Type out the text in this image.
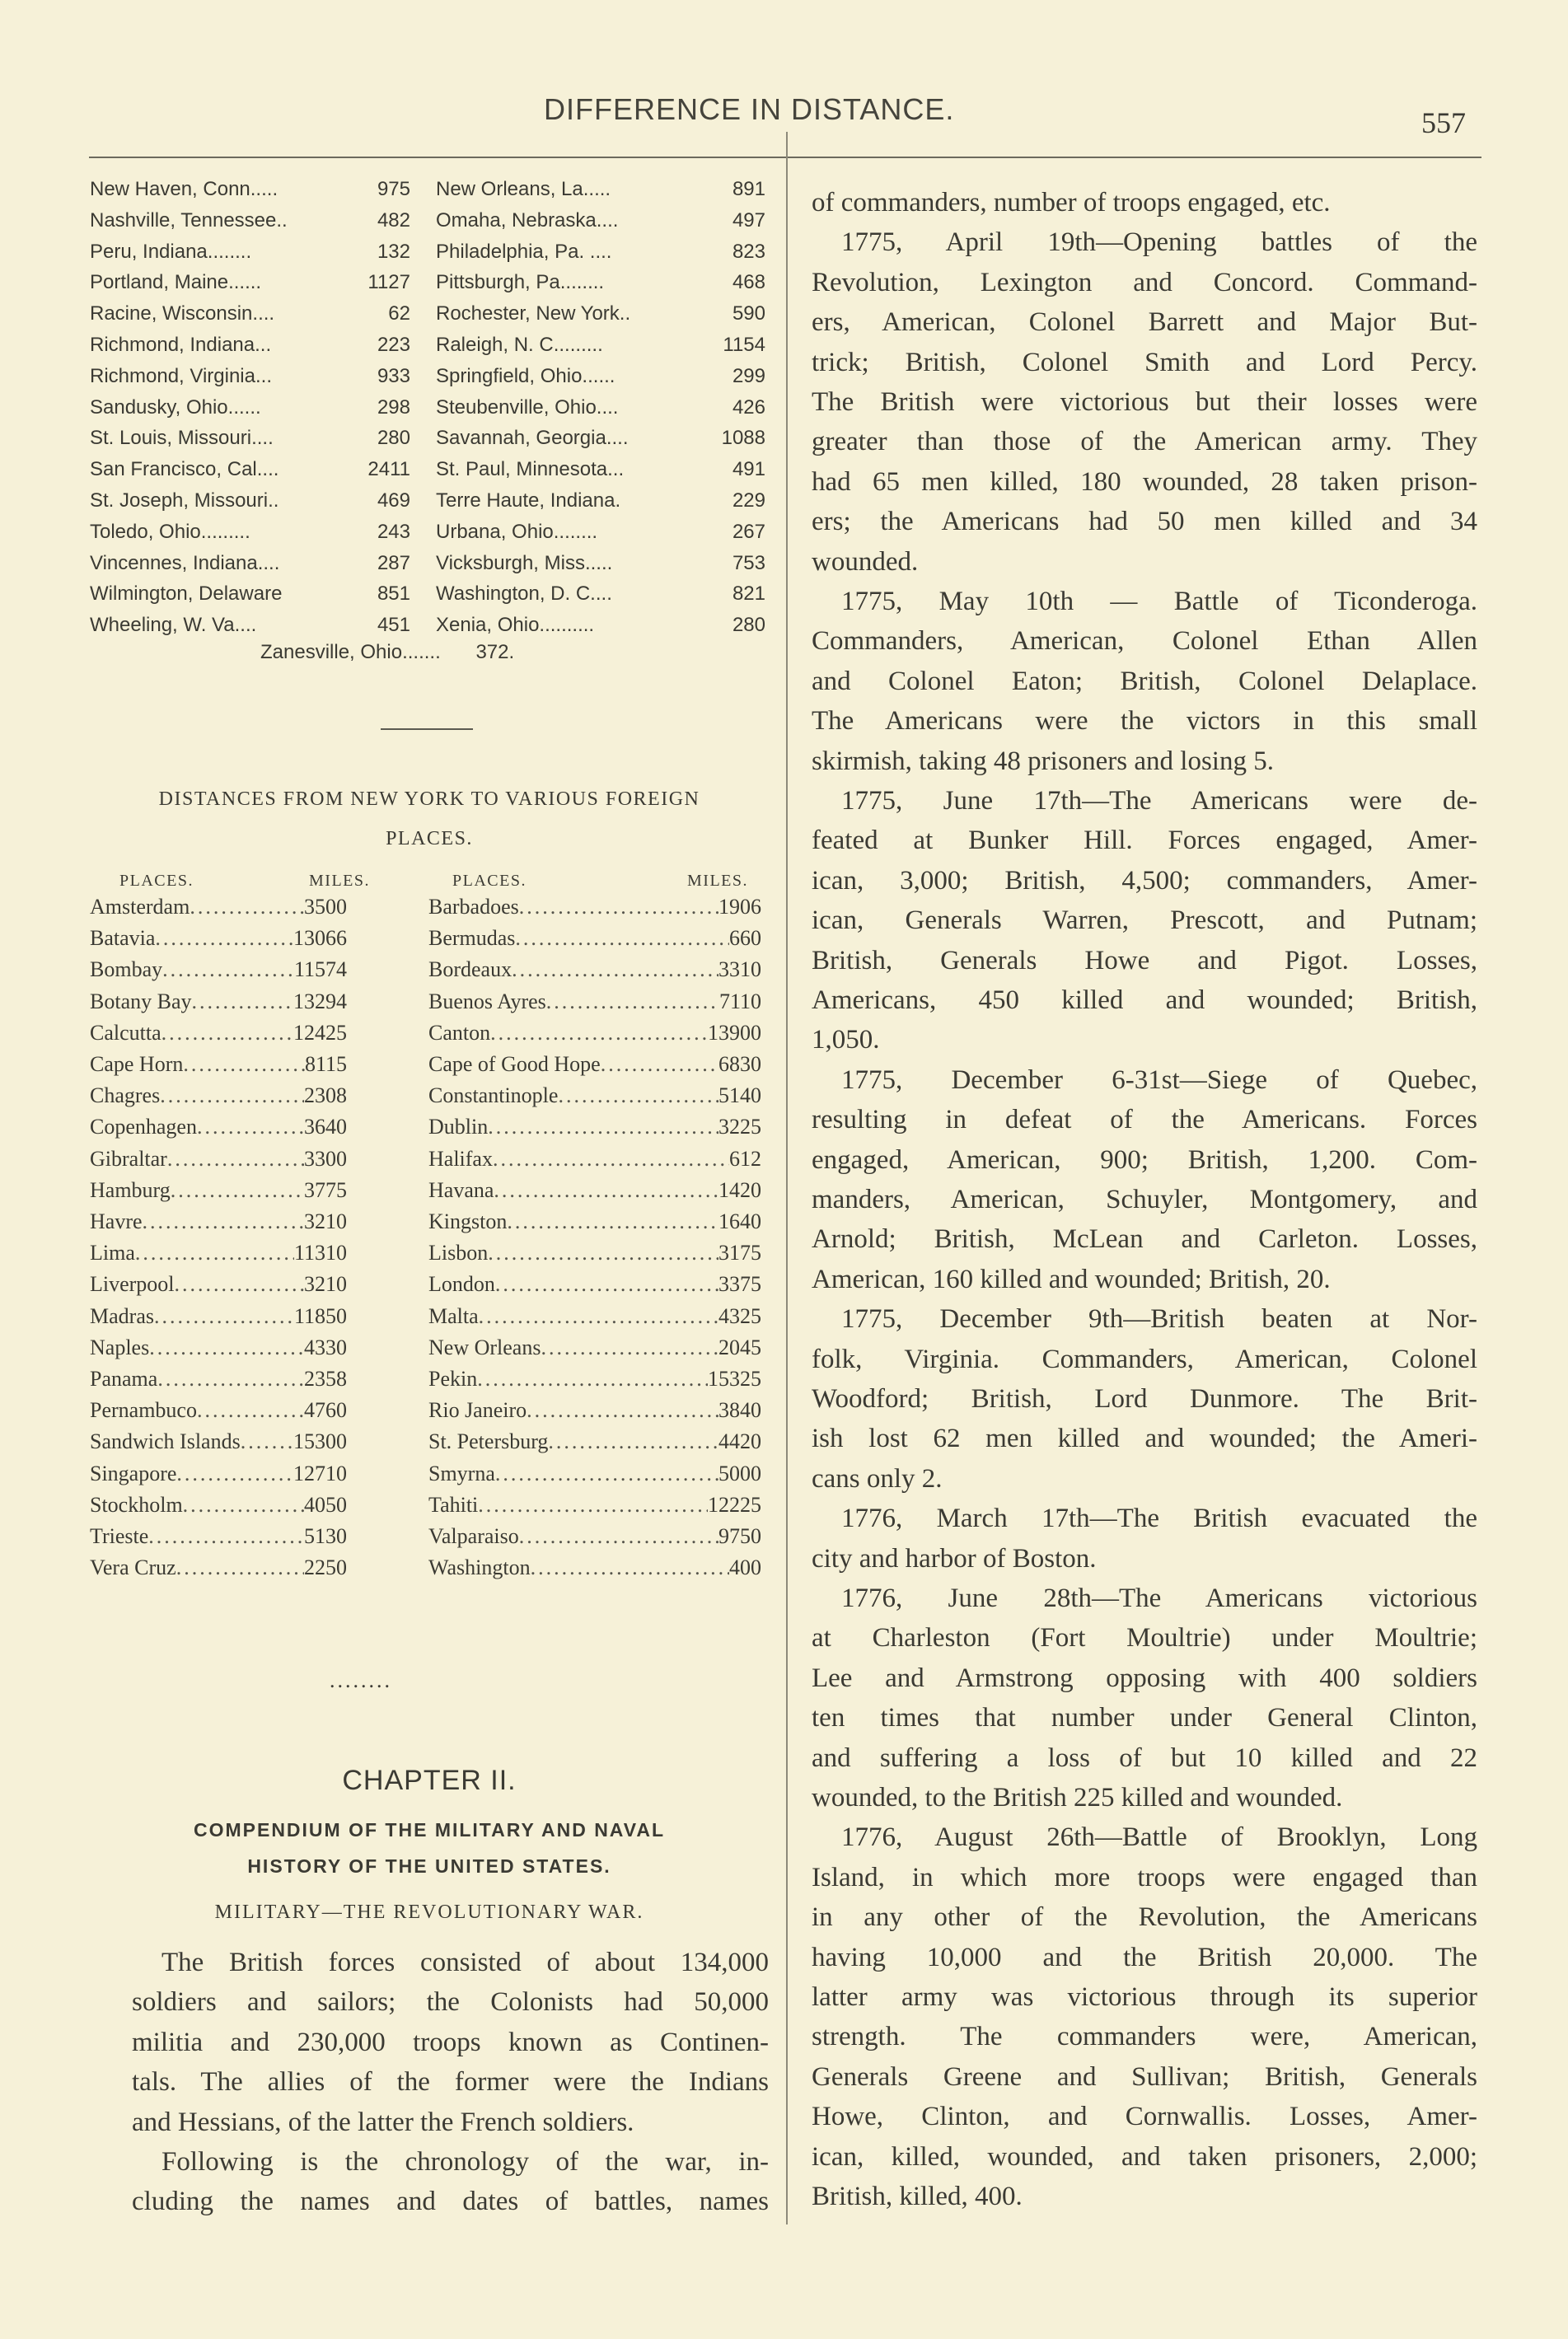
DIFFERENCE IN DISTANCE.	557
New Haven, Conn.....	975 New Orleans, La.....	891
Nashville, Tennessee..	482 Omaha, Nebraska....	497
Peru, Indiana........	132 Philadelphia, Pa. ....	823
Portland, Maine......	1127 Pittsburgh, Pa........	468
Racine, Wisconsin....	62 Rochester, New York..	590
Richmond, Indiana...	223 Raleigh, N. C.........	1154
Richmond, Virginia...	933 Springfield, Ohio......	299
Sandusky, Ohio......	298 Steubenville, Ohio....	426
St. Louis, Missouri....	280 Savannah, Georgia....	1088
San Francisco, Cal....	2411 St. Paul, Minnesota...	491
St. Joseph, Missouri..	469 Terre Haute, Indiana.	229
Toledo, Ohio.........	243 Urbana, Ohio........	267
Vincennes, Indiana....	287 Vicksburgh, Miss.....	753
Wilmington, Delaware	851 Washington, D. C....	821
Wheeling, W. Va....	451 Xenia, Ohio..........	280
Zanesville, Ohio....... 372.
DISTANCES FROM NEW YORK TO VARIOUS FOREIGN
PLACES.
PLACES.	MILES.	PLACES.	MILES.
Amsterdam .....	3500	Barbadoes .....	1906
Batavia .....	13066	Bermudas .....	660
Bombay .....	11574	Bordeaux .....	3310
Botany Bay .....	13294	Buenos Ayres .....	7110
Calcutta .....	12425	Canton .....	13900
Cape Horn .....	8115	Cape of Good Hope .....	6830
Chagres .....	2308	Constantinople .....	5140
Copenhagen .....	3640	Dublin .....	3225
Gibraltar .....	3300	Halifax .....	612
Hamburg .....	3775	Havana .....	1420
Havre .....	3210	Kingston .....	1640
Lima .....	11310	Lisbon .....	3175
Liverpool .....	3210	London .....	3375
Madras .....	11850	Malta .....	4325
Naples .....	4330	New Orleans .....	2045
Panama .....	2358	Pekin .....	15325
Pernambuco .....	4760	Rio Janeiro .....	3840
Sandwich Islands ..... 15300	St. Petersburg .....	4420
Singapore .....	12710	Smyrna .....	5000
Stockholm .....	4050	Tahiti .....	12225
Trieste .....	5130	Valparaiso .....	9750
Vera Cruz .....	2250	Washington .....	400
........
CHAPTER II.
COMPENDIUM OF THE MILITARY AND NAVAL
HISTORY OF THE UNITED STATES.
MILITARY—THE REVOLUTIONARY WAR.
The British forces consisted of about 134,000
soldiers and sailors; the Colonists had 50,000
militia and 230,000 troops known as Continen-
tals. The allies of the former were the Indians
and Hessians, of the latter the French soldiers.
Following is the chronology of the war, in-
cluding the names and dates of battles, names
of commanders, number of troops engaged, etc.
1775, April 19th—Opening battles of the
Revolution, Lexington and Concord. Command-
ers, American, Colonel Barrett and Major But-
trick; British, Colonel Smith and Lord Percy.
The British were victorious but their losses were
greater than those of the American army. They
had 65 men killed, 180 wounded, 28 taken prison-
ers; the Americans had 50 men killed and 34
wounded.
1775, May 10th — Battle of Ticonderoga.
Commanders, American, Colonel Ethan Allen
and Colonel Eaton; British, Colonel Delaplace.
The Americans were the victors in this small
skirmish, taking 48 prisoners and losing 5.
1775, June 17th—The Americans were de-
feated at Bunker Hill. Forces engaged, Amer-
ican, 3,000; British, 4,500; commanders, Amer-
ican, Generals Warren, Prescott, and Putnam;
British, Generals Howe and Pigot. Losses,
Americans, 450 killed and wounded; British,
1,050.
1775, December 6-31st—Siege of Quebec,
resulting in defeat of the Americans. Forces
engaged, American, 900; British, 1,200. Com-
manders, American, Schuyler, Montgomery, and
Arnold; British, McLean and Carleton. Losses,
American, 160 killed and wounded; British, 20.
1775, December 9th—British beaten at Nor-
folk, Virginia. Commanders, American, Colonel
Woodford; British, Lord Dunmore. The Brit-
ish lost 62 men killed and wounded; the Ameri-
cans only 2.
1776, March 17th—The British evacuated the
city and harbor of Boston.
1776, June 28th—The Americans victorious
at Charleston (Fort Moultrie) under Moultrie;
Lee and Armstrong opposing with 400 soldiers
ten times that number under General Clinton,
and suffering a loss of but 10 killed and 22
wounded, to the British 225 killed and wounded.
1776, August 26th—Battle of Brooklyn, Long
Island, in which more troops were engaged than
in any other of the Revolution, the Americans
having 10,000 and the British 20,000. The
latter army was victorious through its superior
strength. The commanders were, American,
Generals Greene and Sullivan; British, Generals
Howe, Clinton, and Cornwallis. Losses, Amer-
ican, killed, wounded, and taken prisoners, 2,000;
British, killed, 400.
